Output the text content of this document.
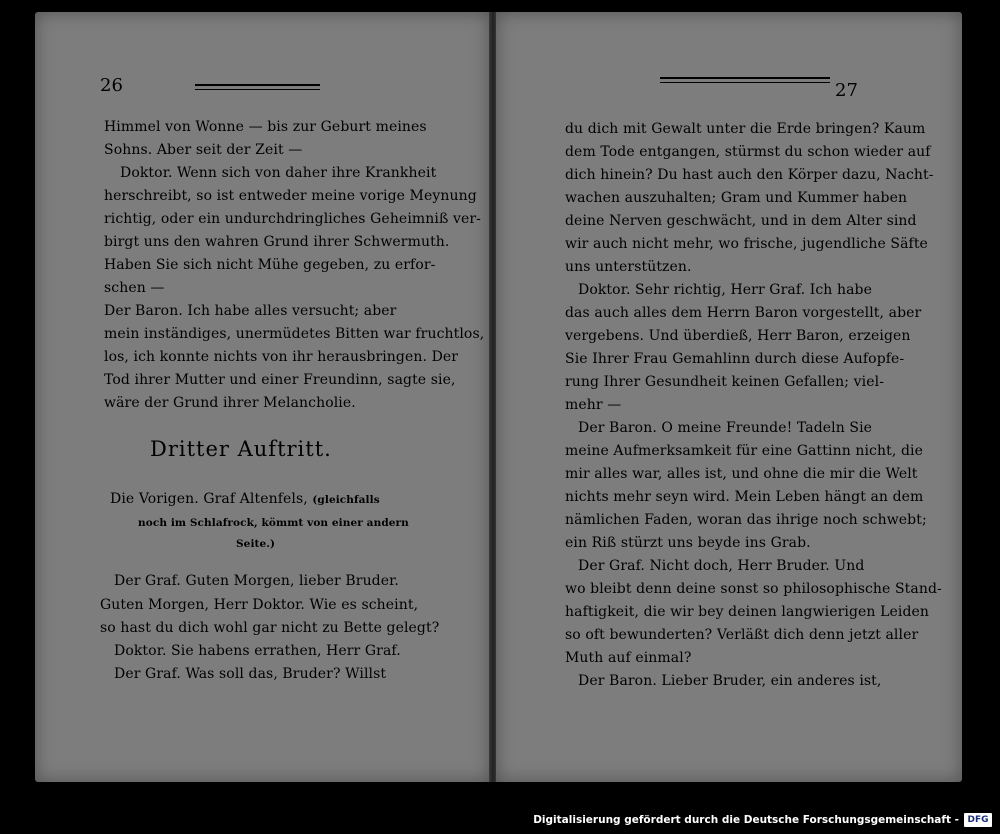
26
Himmel von Wonne — bis zur Geburt meines
Sohns. Aber seit der Zeit —
Doktor. Wenn sich von daher ihre Krankheit
herschreibt, so ist entweder meine vorige Meynung
richtig, oder ein undurchdringliches Geheimniß ver-
birgt uns den wahren Grund ihrer Schwermuth.
Haben Sie sich nicht Mühe gegeben, zu erfor-
schen —
Der Baron. Ich habe alles versucht; aber
mein inständiges, unermüdetes Bitten war fruchtlos,
los, ich konnte nichts von ihr herausbringen. Der
Tod ihrer Mutter und einer Freundinn, sagte sie,
wäre der Grund ihrer Melancholie.
Dritter Auftritt.
Die Vorigen. Graf Altenfels, (gleichfalls
noch im Schlafrock, kömmt von einer andern
Seite.)
Der Graf. Guten Morgen, lieber Bruder.
Guten Morgen, Herr Doktor. Wie es scheint,
so hast du dich wohl gar nicht zu Bette gelegt?
Doktor. Sie habens errathen, Herr Graf.
Der Graf. Was soll das, Bruder? Willst
27
du dich mit Gewalt unter die Erde bringen? Kaum
dem Tode entgangen, stürmst du schon wieder auf
dich hinein? Du hast auch den Körper dazu, Nacht-
wachen auszuhalten; Gram und Kummer haben
deine Nerven geschwächt, und in dem Alter sind
wir auch nicht mehr, wo frische, jugendliche Säfte
uns unterstützen.
Doktor. Sehr richtig, Herr Graf. Ich habe
das auch alles dem Herrn Baron vorgestellt, aber
vergebens. Und überdieß, Herr Baron, erzeigen
Sie Ihrer Frau Gemahlinn durch diese Aufopfe-
rung Ihrer Gesundheit keinen Gefallen; viel-
mehr —
Der Baron. O meine Freunde! Tadeln Sie
meine Aufmerksamkeit für eine Gattinn nicht, die
mir alles war, alles ist, und ohne die mir die Welt
nichts mehr seyn wird. Mein Leben hängt an dem
nämlichen Faden, woran das ihrige noch schwebt;
ein Riß stürzt uns beyde ins Grab.
Der Graf. Nicht doch, Herr Bruder. Und
wo bleibt denn deine sonst so philosophische Stand-
haftigkeit, die wir bey deinen langwierigen Leiden
so oft bewunderten? Verläßt dich denn jetzt aller
Muth auf einmal?
Der Baron. Lieber Bruder, ein anderes ist,
Digitalisierung gefördert durch die Deutsche Forschungsgemeinschaft - DFG
